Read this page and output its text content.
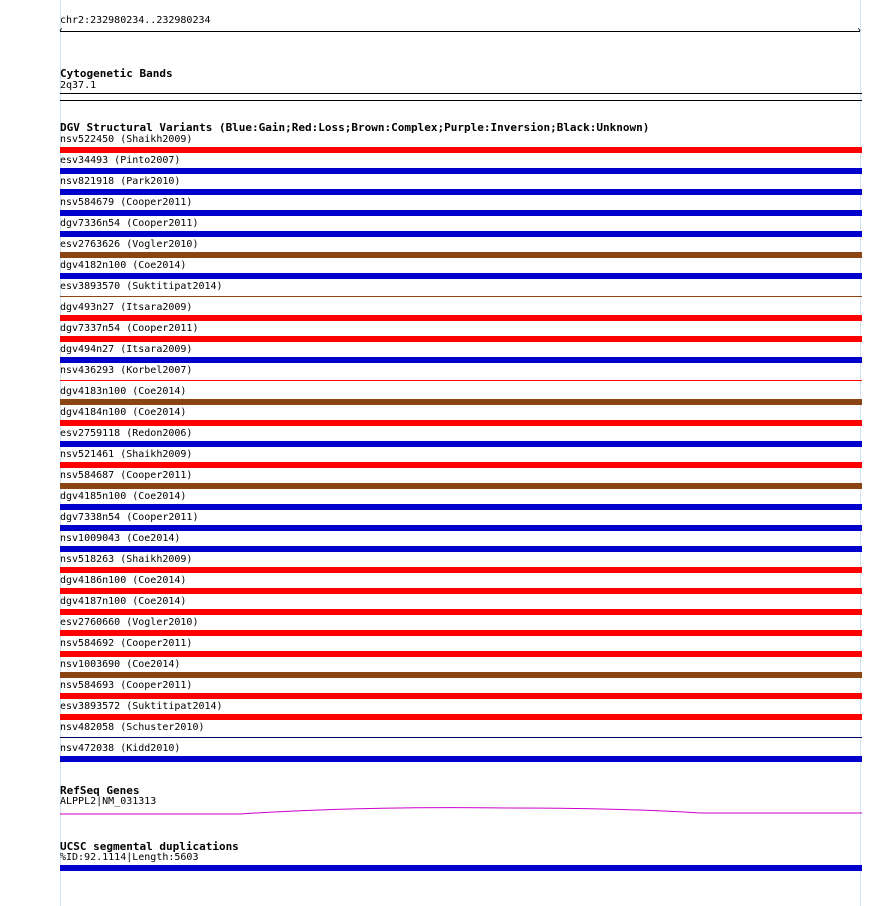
chr2:232980234..232980234
‹	›
Cytogenetic Bands
2q37.1
DGV Structural Variants (Blue:Gain;Red:Loss;Brown:Complex;Purple:Inversion;Black:Unknown)
nsv522450 (Shaikh2009)
esv34493 (Pinto2007)
nsv821918 (Park2010)
nsv584679 (Cooper2011)
dgv7336n54 (Cooper2011)
esv2763626 (Vogler2010)
dgv4182n100 (Coe2014)
esv3893570 (Suktitipat2014)
dgv493n27 (Itsara2009)
dgv7337n54 (Cooper2011)
dgv494n27 (Itsara2009)
nsv436293 (Korbel2007)
dgv4183n100 (Coe2014)
dgv4184n100 (Coe2014)
esv2759118 (Redon2006)
nsv521461 (Shaikh2009)
nsv584687 (Cooper2011)
dgv4185n100 (Coe2014)
dgv7338n54 (Cooper2011)
nsv1009043 (Coe2014)
nsv518263 (Shaikh2009)
dgv4186n100 (Coe2014)
dgv4187n100 (Coe2014)
esv2760660 (Vogler2010)
nsv584692 (Cooper2011)
nsv1003690 (Coe2014)
nsv584693 (Cooper2011)
esv3893572 (Suktitipat2014)
nsv482058 (Schuster2010)
nsv472038 (Kidd2010)
RefSeq Genes
ALPPL2|NM_031313
UCSC segmental duplications
%ID:92.1114|Length:5603
